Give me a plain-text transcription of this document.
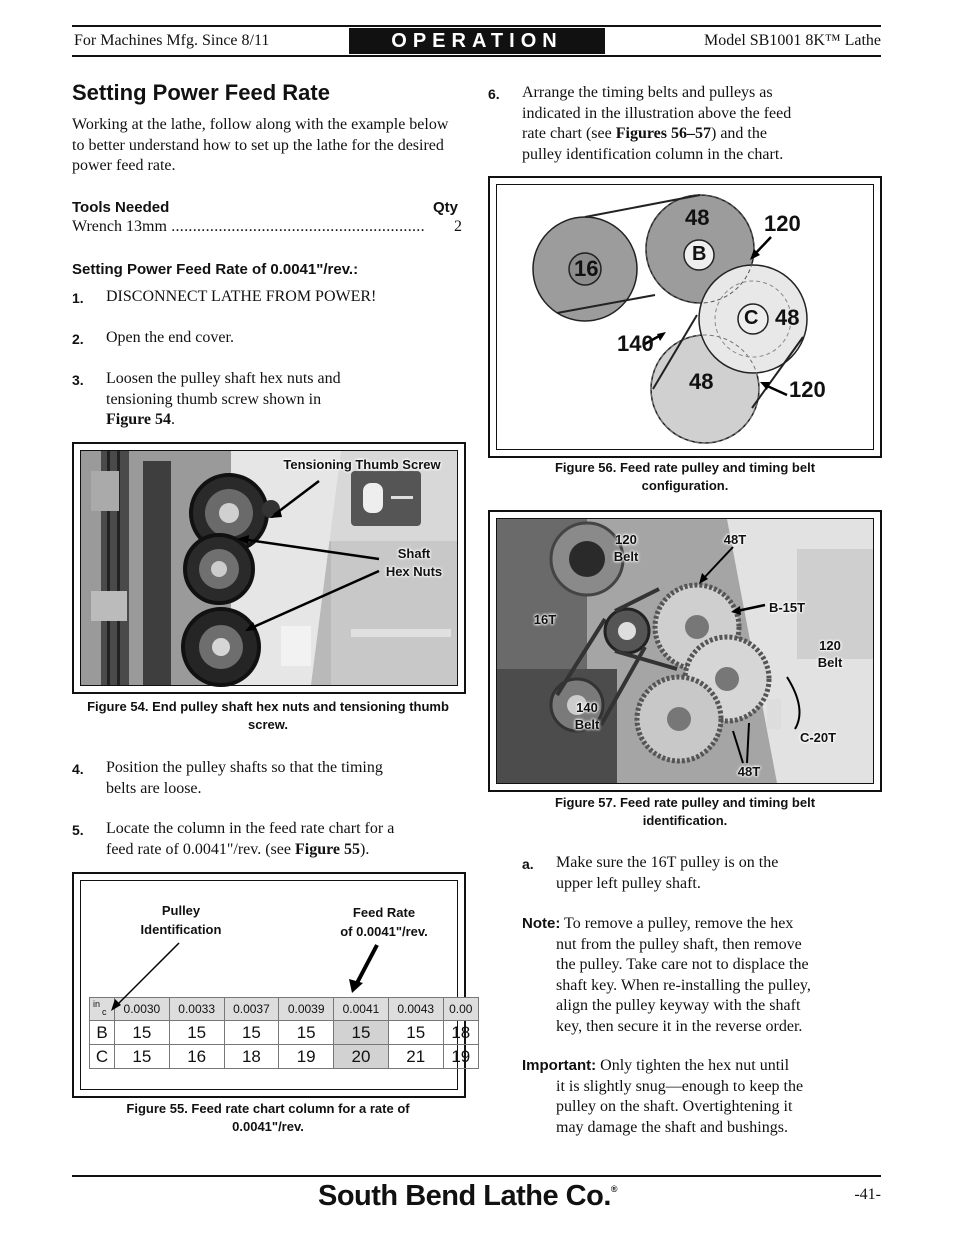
For Machines Mfg. Since 8/11	OPERATION	Model SB1001 8K™ Lathe
Setting Power Feed Rate
Working at the lathe, follow along with the example below to better understand how to set up the lathe for the desired power feed rate.
Tools Needed	Qty
Wrench 13mm ...........................................................	2
Setting Power Feed Rate of 0.0041"/rev.:
1. DISCONNECT LATHE FROM POWER!
2. Open the end cover.
3. Loosen the pulley shaft hex nuts and
tensioning thumb screw shown in
Figure 54.
Tensioning Thumb Screw
Shaft
Hex Nuts
Figure 54. End pulley shaft hex nuts and tensioning thumb screw.
4. Position the pulley shafts so that the timing
belts are loose.
5. Locate the column in the feed rate chart for a
feed rate of 0.0041"/rev. (see Figure 55).
Pulley
Identification
Feed Rate
of 0.0041"/rev.
in
c	0.0030	0.0033	0.0037	0.0039	0.0041	0.0043	0.00
B	15	15	15	15	15	15	18
C	15	16	18	19	20	21	19
Figure 55. Feed rate chart column for a rate of 0.0041"/rev.
6. Arrange the timing belts and pulleys as
indicated in the illustration above the feed
rate chart (see Figures 56–57) and the
pulley identification column in the chart.
16
48
B
C 48
48
120
140
120
Figure 56. Feed rate pulley and timing belt configuration.
120
Belt
48T
16T
B-15T
120
Belt
140
Belt
C-20T
48T
Figure 57. Feed rate pulley and timing belt identification.
a. Make sure the 16T pulley is on the
upper left pulley shaft.
Note: To remove a pulley, remove the hex
nut from the pulley shaft, then remove
the pulley. Take care not to displace the
shaft key. When re-installing the pulley,
align the pulley keyway with the shaft
key, then secure it in the reverse order.
Important: Only tighten the hex nut until
it is slightly snug—enough to keep the
pulley on the shaft. Overtightening it
may damage the shaft and bushings.
South Bend Lathe Co.®	-41-
